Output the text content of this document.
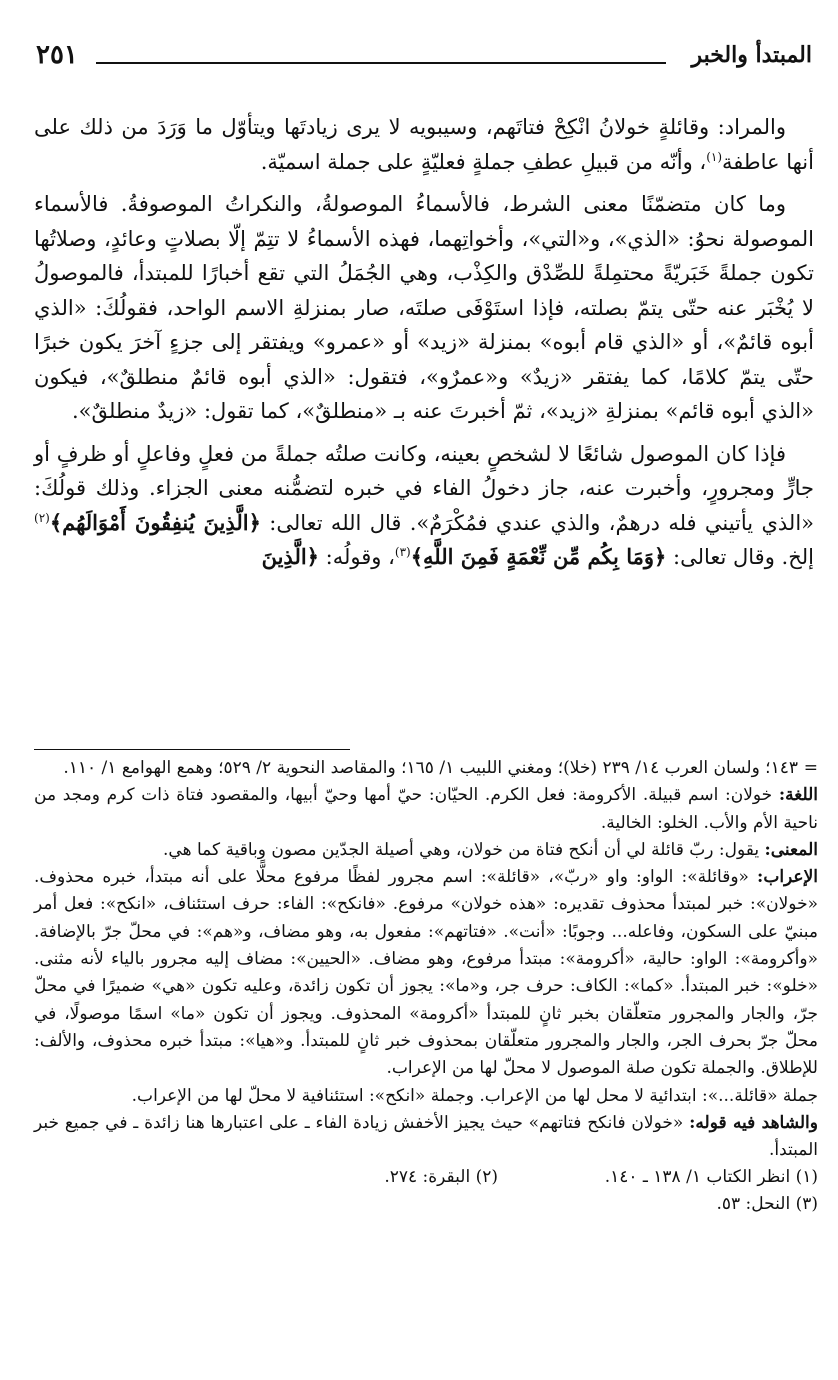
المبتدأ والخبر
٢٥١

والمراد: وقائلةٍ خولانُ انْكِحْ فتاتَهم، وسيبويه لا يرى زيادتَها ويتأوّل ما وَرَدَ من ذلك على أنها عاطفة$^{(١)}$، وأنّه من قبيلِ عطفِ جملةٍ فعليّةٍ على جملة اسميّة.

وما كان متضمّنًا معنى الشرط، فالأسماءُ الموصولةُ، والنكراتُ الموصوفةُ. فالأسماء الموصولة نحوُ: «الذي»، و«التي»، وأخواتِهما، فهذه الأسماءُ لا تتِمّ إلّا بصلاتٍ وعائدٍ، وصلاتُها تكون جملةً خَبَريّةً محتمِلةً للصِّدْق والكِذْب، وهي الجُمَلُ التي تقع أخبارًا للمبتدأ، فالموصولُ لا يُخْبَر عنه حتّى يتمّ بصلته، فإذا استَوْفَى صلتَه، صار بمنزلةِ الاسم الواحد، فقولُكَ: «الذي أبوه قائمٌ»، أو «الذي قام أبوه» بمنزلة «زيد» أو «عمرو» ويفتقر إلى جزءٍ آخرَ يكون خبرًا حتّى يتمّ كلامًا، كما يفتقر «زيدٌ» و«عمرٌو»، فتقول: «الذي أبوه قائمٌ منطلقٌ»، فيكون «الذي أبوه قائم» بمنزلةِ «زيد»، ثمّ أخبرتَ عنه بـ «منطلقٌ»، كما تقول: «زيدٌ منطلقٌ».

فإذا كان الموصول شائعًا لا لشخصٍ بعينه، وكانت صلتُه جملةً من فعلٍ وفاعلٍ أو ظرفٍ أو جارٍّ ومجرورٍ، وأخبرت عنه، جاز دخولُ الفاء في خبره لتضمُّنه معنى الجزاء. وذلك قولُكَ: «الذي يأتيني فله درهمٌ، والذي عندي فمُكْرَمٌ». قال الله تعالى: ﴿الَّذِينَ يُنفِقُونَ أَمْوَالَهُم﴾$^{(٢)}$ إلخ. وقال تعالى: ﴿وَمَا بِكُم مِّن نِّعْمَةٍ فَمِنَ اللَّهِ﴾$^{(٣)}$، وقولُه: ﴿الَّذِينَ

=
١٤٣؛ ولسان العرب ١٤/ ٢٣٩ (خلا)؛ ومغني اللبيب ١/ ١٦٥؛ والمقاصد النحوية ٢/ ٥٢٩؛ وهمع الهوامع ١/ ١١٠.

اللغة: خولان: اسم قبيلة. الأكرومة: فعل الكرم. الحيّان: حيّ أمها وحيّ أبيها، والمقصود فتاة ذات كرم ومجد من ناحية الأم والأب. الخلو: الخالية.

المعنى: يقول: ربّ قائلة لي أن أنكح فتاة من خولان، وهي أصيلة الجدّين مصون وباقية كما هي.

الإعراب: «وقائلة»: الواو: واو «ربّ»، «قائلة»: اسم مجرور لفظًا مرفوع محلًّا على أنه مبتدأ، خبره محذوف. «خولان»: خبر لمبتدأ محذوف تقديره: «هذه خولان» مرفوع. «فانكح»: الفاء: حرف استئناف، «انكح»: فعل أمر مبنيّ على السكون، وفاعله... وجوبًا: «أنت». «فتاتهم»: مفعول به، وهو مضاف، و«هم»: في محلّ جرّ بالإضافة. «وأكرومة»: الواو: حالية، «أكرومة»: مبتدأ مرفوع، وهو مضاف. «الحيين»: مضاف إليه مجرور بالياء لأنه مثنى. «خلو»: خبر المبتدأ. «كما»: الكاف: حرف جر، و«ما»: يجوز أن تكون زائدة، وعليه تكون «هي» ضميرًا في محلّ جرّ، والجار والمجرور متعلّقان بخبر ثانٍ للمبتدأ «أكرومة» المحذوف. ويجوز أن تكون «ما» اسمًا موصولًا، في محلّ جرّ بحرف الجر، والجار والمجرور متعلّقان بمحذوف خبر ثانٍ للمبتدأ. و«هيا»: مبتدأ خبره محذوف، والألف: للإطلاق. والجملة تكون صلة الموصول لا محلّ لها من الإعراب.

جملة «قائلة...»: ابتدائية لا محل لها من الإعراب. وجملة «انكح»: استئنافية لا محلّ لها من الإعراب.

والشاهد فيه قوله: «خولان فانكح فتاتهم» حيث يجيز الأخفش زيادة الفاء ـ على اعتبارها هنا زائدة ـ في جميع خبر المبتدأ.

(١) انظر الكتاب ١/ ١٣٨ ـ ١٤٠.
(٢) البقرة: ٢٧٤.
(٣) النحل: ٥٣.
